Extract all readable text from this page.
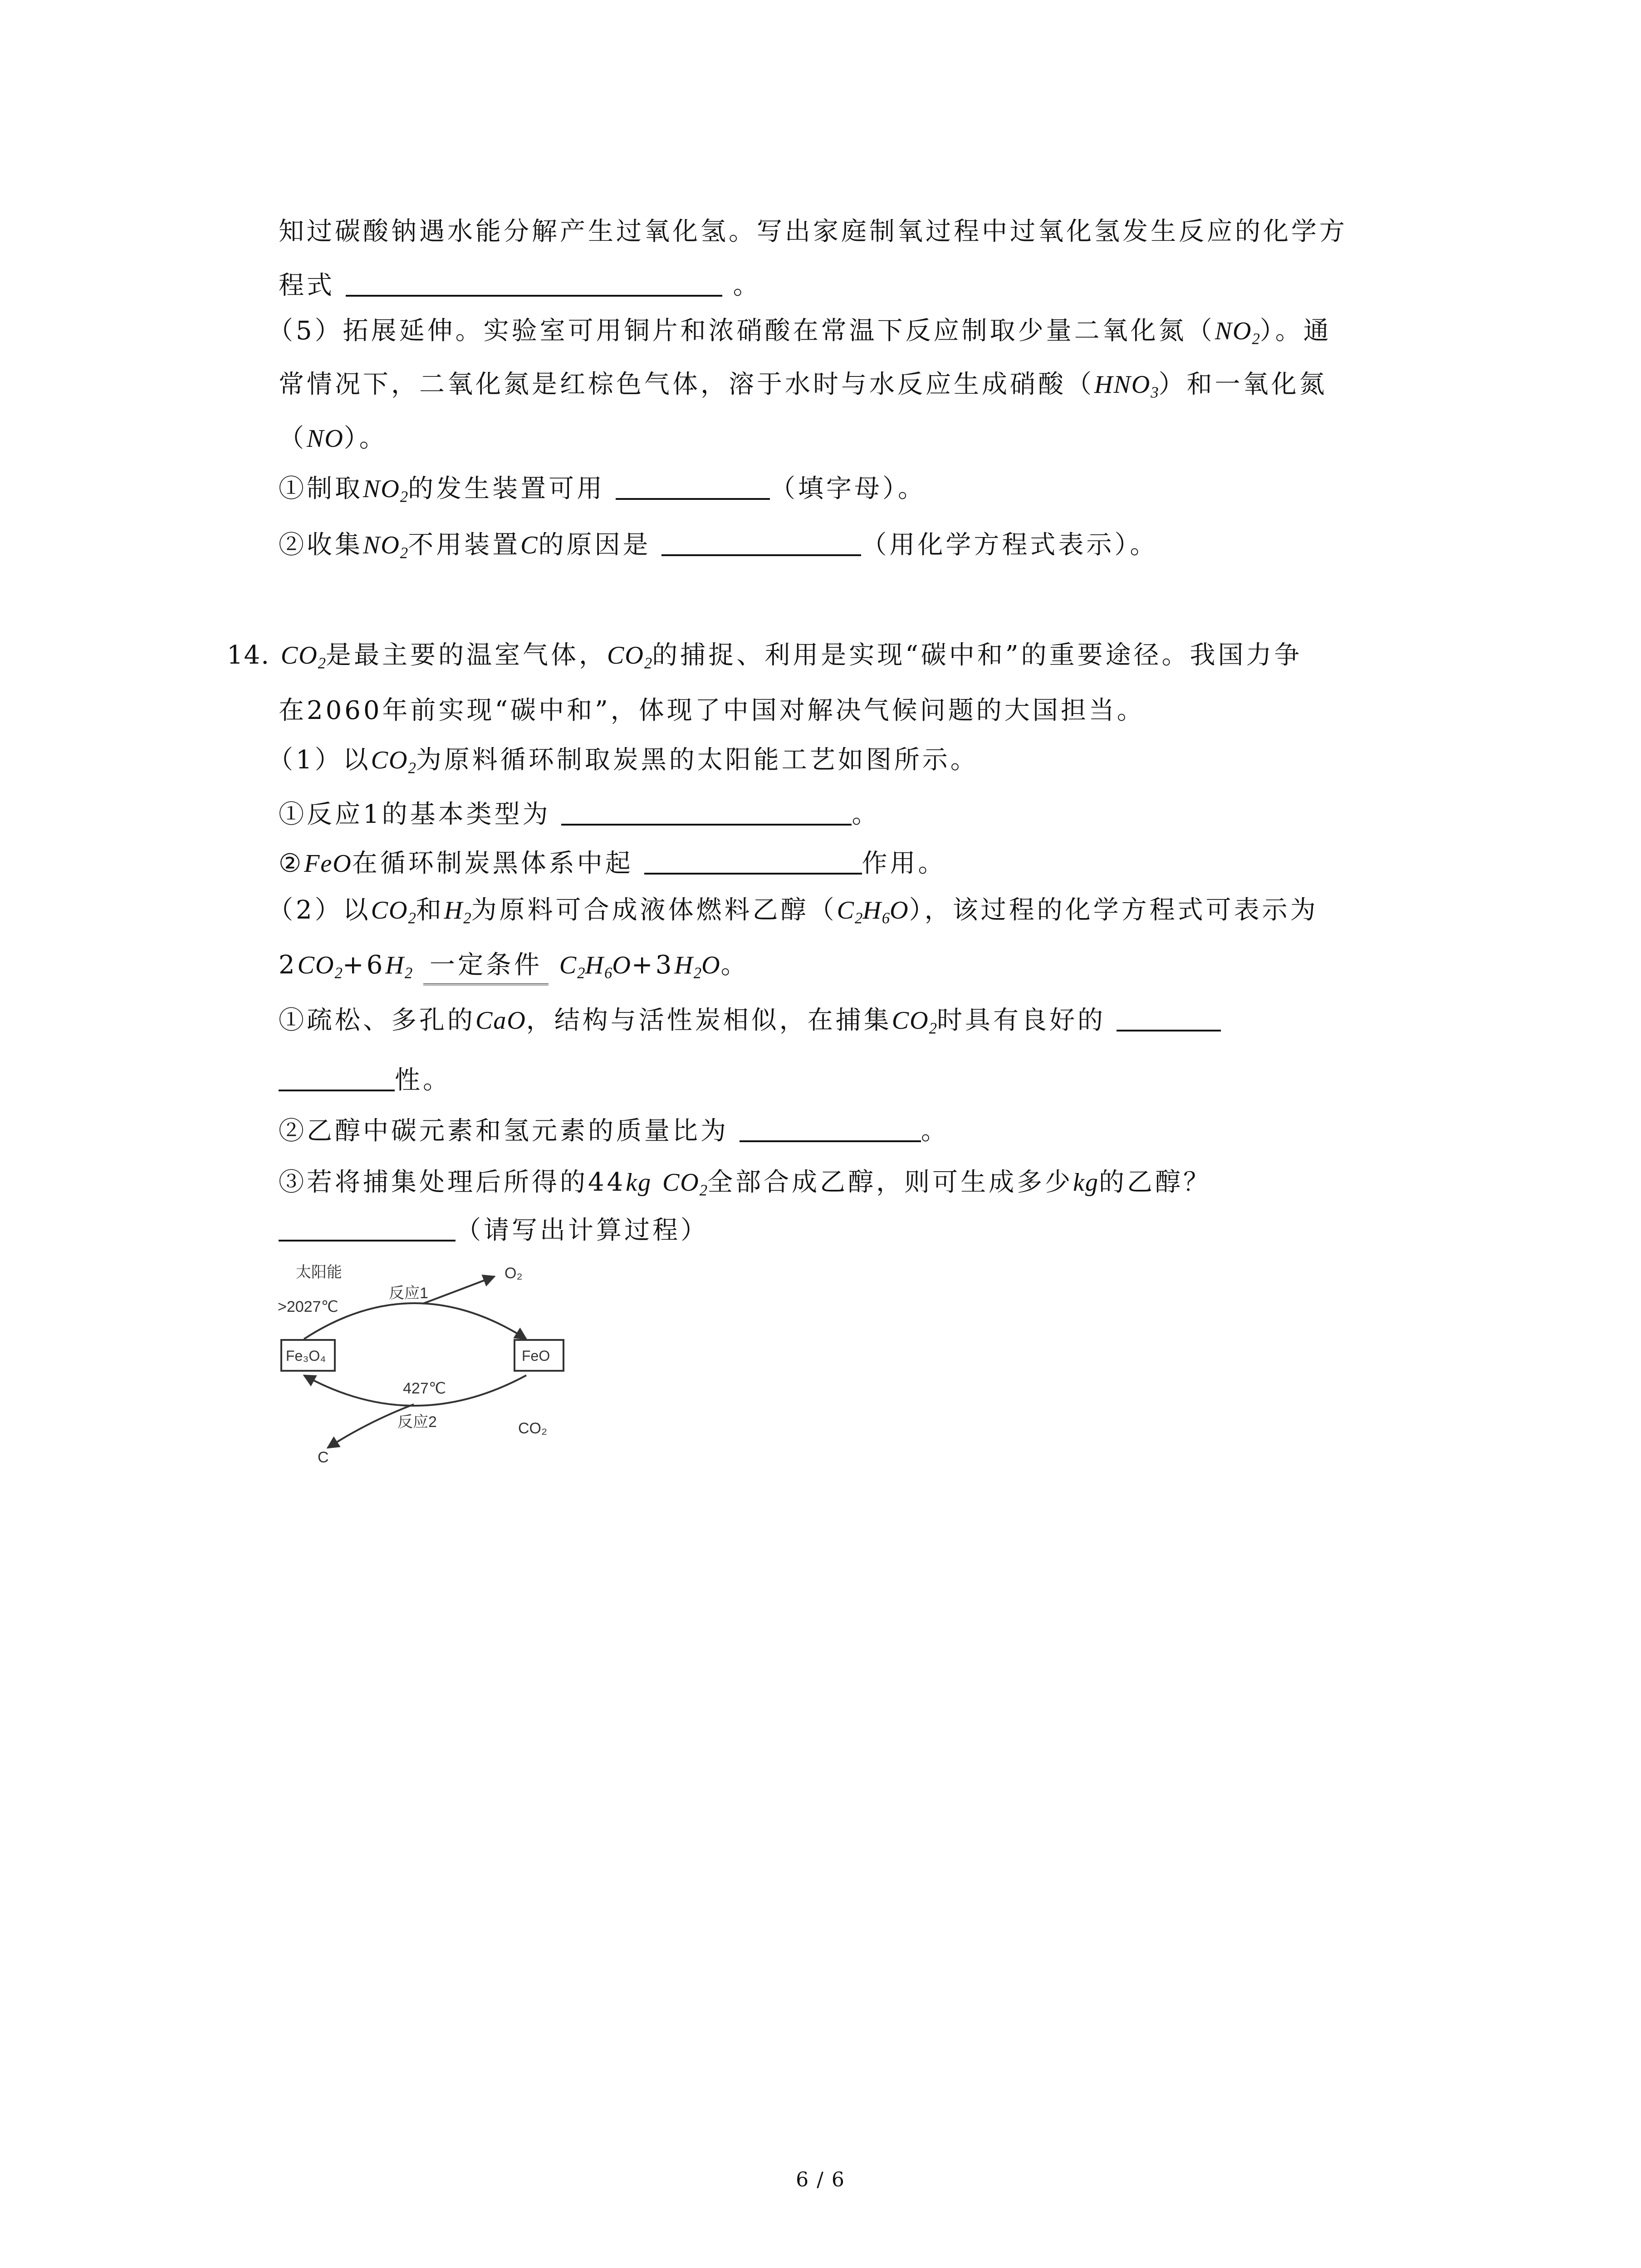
知过碳酸钠遇水能分解产生过氧化氢。写出家庭制氧过程中过氧化氢发生反应的化学方
程式	。
（5）拓展延伸。实验室可用铜片和浓硝酸在常温下反应制取少量二氧化氮$(NO_2)$。通
常情况下，二氧化氮是红棕色气体，溶于水时与水反应生成硝酸$(HNO_3)$和一氧化氮
（NO）。
①制取$NO_2$的发生装置可用	（填字母）。
②收集$NO_2$不用装置C的原因是	（用化学方程式表示）。
14. $CO_2$是最主要的温室气体，$CO_2$的捕捉、利用是实现“碳中和”的重要途径。我国力争
在2060年前实现“碳中和”，体现了中国对解决气候问题的大国担当。
（1）以$CO_2$为原料循环制取炭黑的太阳能工艺如图所示。
①反应1的基本类型为	。
②FeO在循环制炭黑体系中起	作用。
（2）以$CO_2$和$H_2$为原料可合成液体燃料乙醇$(C_2H_6O)$，该过程的化学方程式可表示为
$2CO_2+6H_2$ 一定条件 $C_2H_6O+3H_2O$。
①疏松、多孔的CaO，结构与活性炭相似，在捕集$CO_2$时具有良好的
性。
②乙醇中碳元素和氢元素的质量比为	。
③若将捕集处理后所得的44kg $CO_2$全部合成乙醇，则可生成多少kg的乙醇？
（请写出计算过程）
太阳能
>2027℃
反应1
O₂
Fe₃O₄	FeO
427℃
反应2
C
CO₂
6 / 6
